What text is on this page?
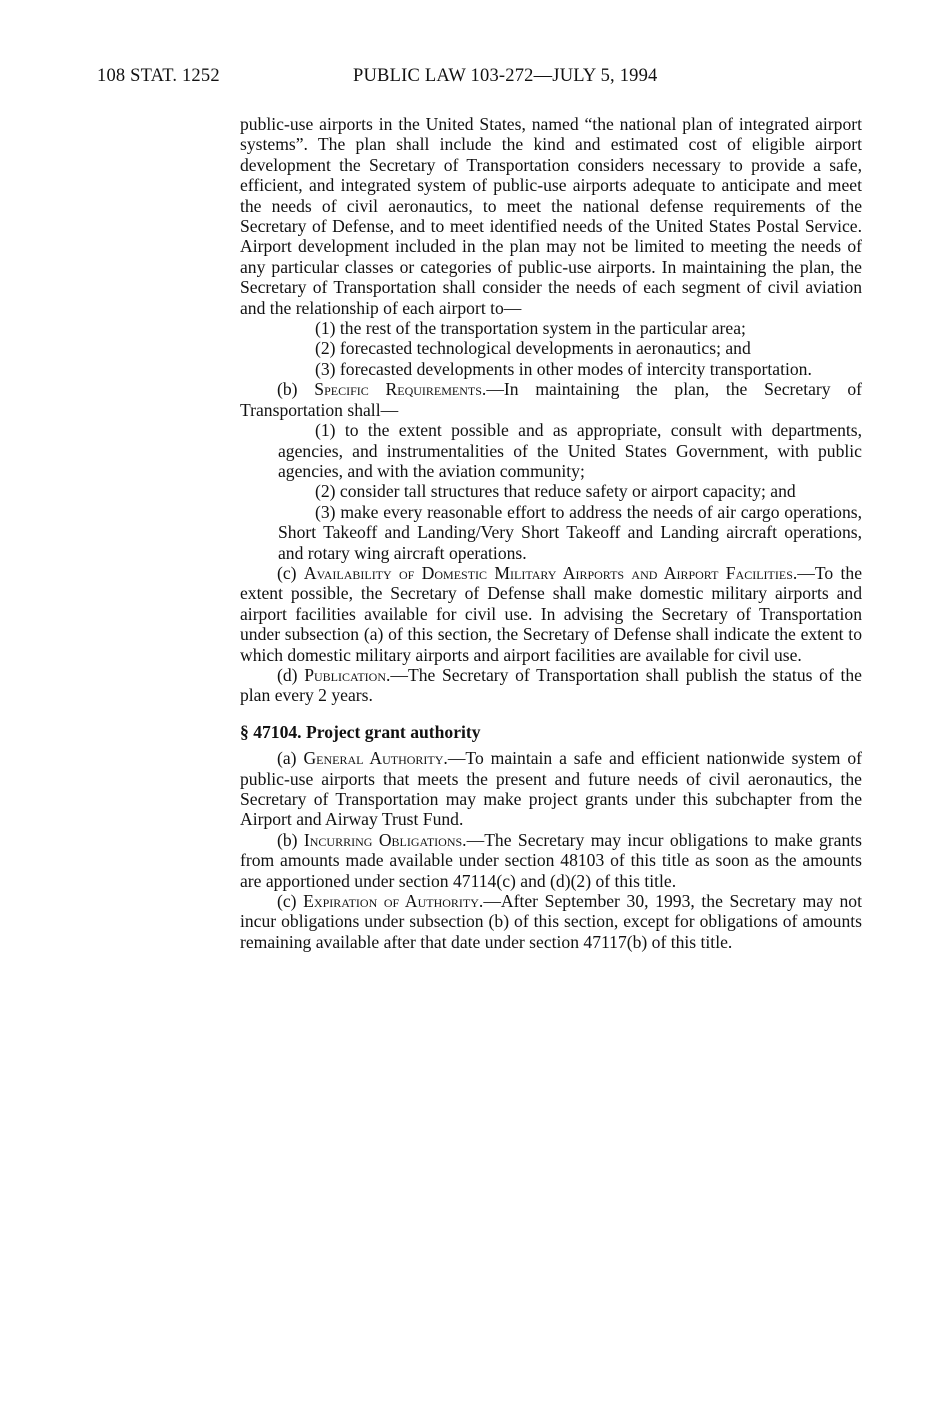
108 STAT. 1252	PUBLIC LAW 103-272—JULY 5, 1994

public-use airports in the United States, named “the national plan of integrated airport systems”. The plan shall include the kind and estimated cost of eligible airport development the Secretary of Transportation considers necessary to provide a safe, efficient, and integrated system of public-use airports adequate to anticipate and meet the needs of civil aeronautics, to meet the national defense requirements of the Secretary of Defense, and to meet identified needs of the United States Postal Service. Airport development included in the plan may not be limited to meeting the needs of any particular classes or categories of public-use airports. In maintaining the plan, the Secretary of Transportation shall consider the needs of each segment of civil aviation and the relationship of each airport to—

(1) the rest of the transportation system in the particular area;

(2) forecasted technological developments in aeronautics; and

(3) forecasted developments in other modes of intercity transportation.

(b) Specific Requirements.—In maintaining the plan, the Secretary of Transportation shall—

(1) to the extent possible and as appropriate, consult with departments, agencies, and instrumentalities of the United States Government, with public agencies, and with the aviation community;

(2) consider tall structures that reduce safety or airport capacity; and

(3) make every reasonable effort to address the needs of air cargo operations, Short Takeoff and Landing/Very Short Takeoff and Landing aircraft operations, and rotary wing aircraft operations.

(c) Availability of Domestic Military Airports and Airport Facilities.—To the extent possible, the Secretary of Defense shall make domestic military airports and airport facilities available for civil use. In advising the Secretary of Transportation under subsection (a) of this section, the Secretary of Defense shall indicate the extent to which domestic military airports and airport facilities are available for civil use.

(d) Publication.—The Secretary of Transportation shall publish the status of the plan every 2 years.

§ 47104. Project grant authority

(a) General Authority.—To maintain a safe and efficient nationwide system of public-use airports that meets the present and future needs of civil aeronautics, the Secretary of Transportation may make project grants under this subchapter from the Airport and Airway Trust Fund.

(b) Incurring Obligations.—The Secretary may incur obligations to make grants from amounts made available under section 48103 of this title as soon as the amounts are apportioned under section 47114(c) and (d)(2) of this title.

(c) Expiration of Authority.—After September 30, 1993, the Secretary may not incur obligations under subsection (b) of this section, except for obligations of amounts remaining available after that date under section 47117(b) of this title.
